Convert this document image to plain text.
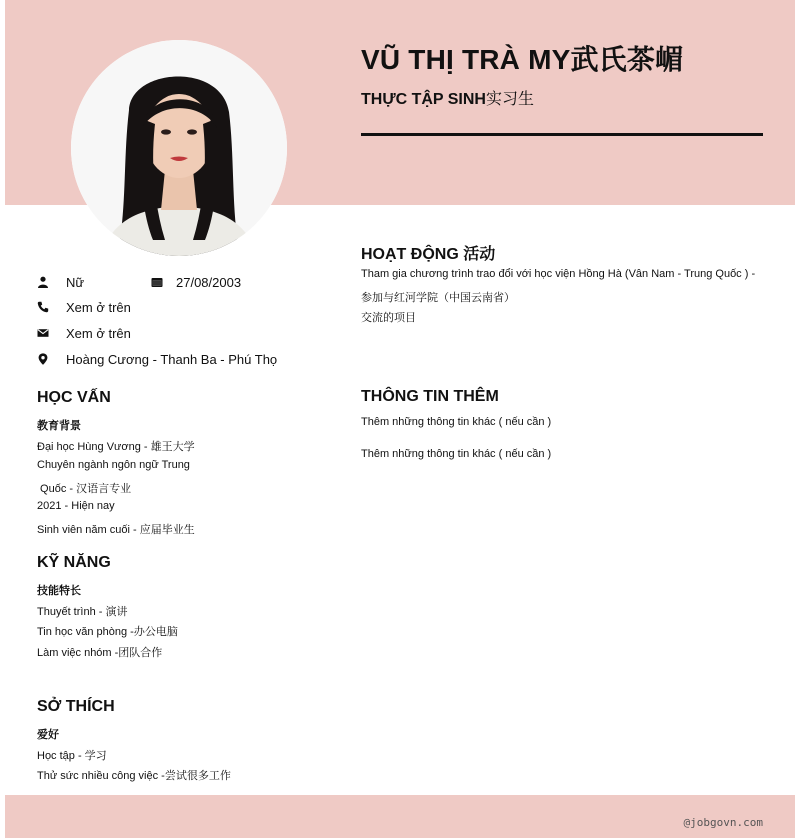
VŨ THỊ TRÀ MY武氏茶嵋
THỰC TẬP SINH实习生
Nữ	27/08/2003
Xem ở trên
Xem ở trên
Hoàng Cương - Thanh Ba - Phú Thọ
HỌC VẤN
教育背景
Đại học Hùng Vương - 雄王大学
Chuyên ngành ngôn ngữ Trung
Quốc - 汉语言专业
2021 - Hiện nay
Sinh viên năm cuối - 应届毕业生
KỸ NĂNG
技能特长
Thuyết trình - 演讲
Tin học văn phòng -办公电脑
Làm việc nhóm -团队合作
SỞ THÍCH
爱好
Học tập - 学习
Thử sức nhiều công việc -尝试很多工作
HOẠT ĐỘNG 活动
Tham gia chương trình trao đổi với học viện Hồng Hà (Vân Nam - Trung Quốc ) -
参加与红河学院（中国云南省）
交流的项目
THÔNG TIN THÊM
Thêm những thông tin khác ( nếu cần )
Thêm những thông tin khác ( nếu cần )
@jobgovn.com
